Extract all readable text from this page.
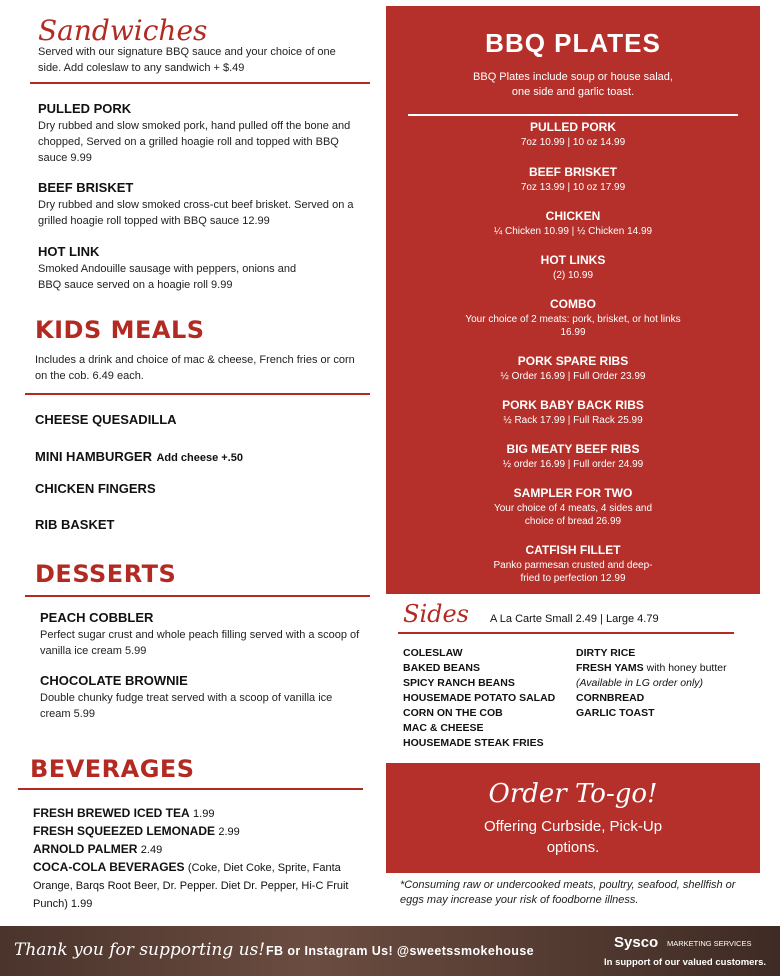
Sandwiches
Served with our signature BBQ sauce and your choice of one side. Add coleslaw to any sandwich + $.49
PULLED PORK
Dry rubbed and slow smoked pork, hand pulled off the bone and chopped, Served on a grilled hoagie roll and topped with BBQ sauce 9.99
BEEF BRISKET
Dry rubbed and slow smoked cross-cut beef brisket. Served on a grilled hoagie roll topped with BBQ sauce 12.99
HOT LINK
Smoked Andouille sausage with peppers, onions and BBQ sauce served on a hoagie roll 9.99
KIDS MEALS
Includes a drink and choice of mac & cheese, French fries or corn on the cob. 6.49 each.
CHEESE QUESADILLA
MINI HAMBURGER Add cheese +.50
CHICKEN FINGERS
RIB BASKET
DESSERTS
PEACH COBBLER
Perfect sugar crust and whole peach filling served with a scoop of vanilla ice cream 5.99
CHOCOLATE BROWNIE
Double chunky fudge treat served with a scoop of vanilla ice cream 5.99
BEVERAGES
FRESH BREWED ICED TEA 1.99
FRESH SQUEEZED LEMONADE 2.99
ARNOLD PALMER 2.49
COCA-COLA BEVERAGES (Coke, Diet Coke, Sprite, Fanta Orange, Barqs Root Beer, Dr. Pepper. Diet Dr. Pepper, Hi-C Fruit Punch) 1.99
BBQ PLATES
BBQ Plates include soup or house salad, one side and garlic toast.
PULLED PORK
7oz 10.99 | 10 oz 14.99
BEEF BRISKET
7oz 13.99 | 10 oz 17.99
CHICKEN
¼ Chicken 10.99 | ½ Chicken 14.99
HOT LINKS
(2) 10.99
COMBO
Your choice of 2 meats: pork, brisket, or hot links 16.99
PORK SPARE RIBS
½ Order 16.99 | Full Order 23.99
PORK BABY BACK RIBS
½ Rack 17.99 | Full Rack 25.99
BIG MEATY BEEF RIBS
½ order 16.99 | Full order 24.99
SAMPLER FOR TWO
Your choice of 4 meats, 4 sides and choice of bread 26.99
CATFISH FILLET
Panko parmesan crusted and deep-fried to perfection 12.99
Sides A La Carte Small 2.49 | Large 4.79
COLESLAW
BAKED BEANS
SPICY RANCH BEANS
HOUSEMADE POTATO SALAD
CORN ON THE COB
MAC & CHEESE
HOUSEMADE STEAK FRIES
DIRTY RICE
FRESH YAMS with honey butter
(Available in LG order only)
CORNBREAD
GARLIC TOAST
Order To-go!
Offering Curbside, Pick-Up options.
*Consuming raw or undercooked meats, poultry, seafood, shellfish or eggs may increase your risk of foodborne illness.
Thank you for supporting us! FB or Instagram Us! @sweetssmokehouse	Sysco MARKETING SERVICES
In support of our valued customers.
